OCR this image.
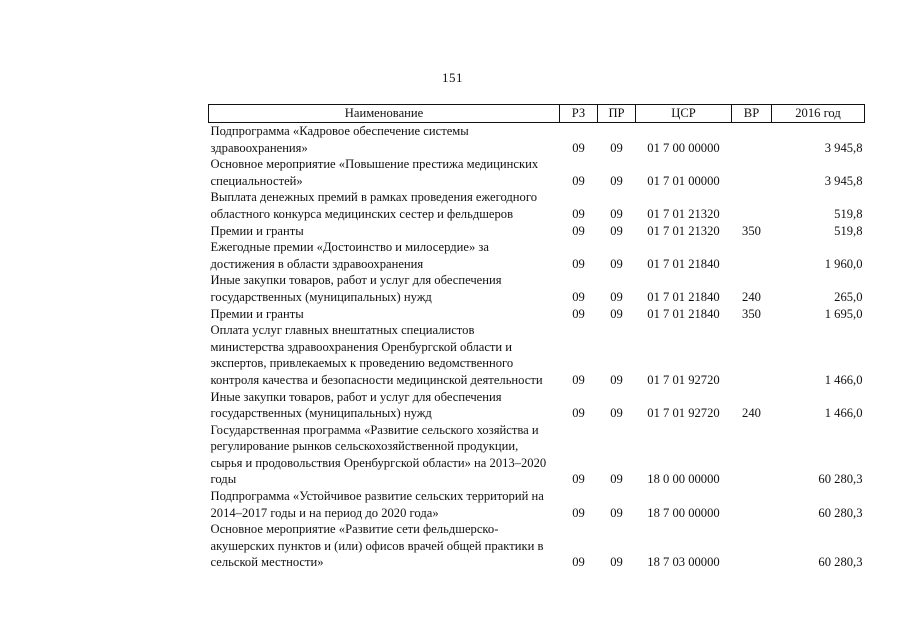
151
Наименование	РЗ	ПР	ЦСР	ВР	2016 год
Подпрограмма «Кадровое обеспечение системы
здравоохранения»	09	09	01 7 00 00000		3 945,8
Основное мероприятие «Повышение престижа медицинских
специальностей»	09	09	01 7 01 00000		3 945,8
Выплата денежных премий в рамках проведения ежегодного
областного конкурса медицинских сестер и фельдшеров	09	09	01 7 01 21320		519,8
Премии и гранты	09	09	01 7 01 21320	350	519,8
Ежегодные премии «Достоинство и милосердие» за
достижения в области здравоохранения	09	09	01 7 01 21840		1 960,0
Иные закупки товаров, работ и услуг для обеспечения
государственных (муниципальных) нужд	09	09	01 7 01 21840	240	265,0
Премии и гранты	09	09	01 7 01 21840	350	1 695,0
Оплата услуг главных внештатных специалистов
министерства здравоохранения Оренбургской области и
экспертов, привлекаемых к проведению ведомственного
контроля качества и безопасности медицинской деятельности	09	09	01 7 01 92720		1 466,0
Иные закупки товаров, работ и услуг для обеспечения
государственных (муниципальных) нужд	09	09	01 7 01 92720	240	1 466,0
Государственная программа «Развитие сельского хозяйства и
регулирование рынков сельскохозяйственной продукции,
сырья и продовольствия Оренбургской области» на 2013–2020
годы	09	09	18 0 00 00000		60 280,3
Подпрограмма «Устойчивое развитие сельских территорий на
2014–2017 годы и на период до 2020 года»	09	09	18 7 00 00000		60 280,3
Основное мероприятие «Развитие сети фельдшерско-
акушерских пунктов и (или) офисов врачей общей практики в
сельской местности»	09	09	18 7 03 00000		60 280,3
